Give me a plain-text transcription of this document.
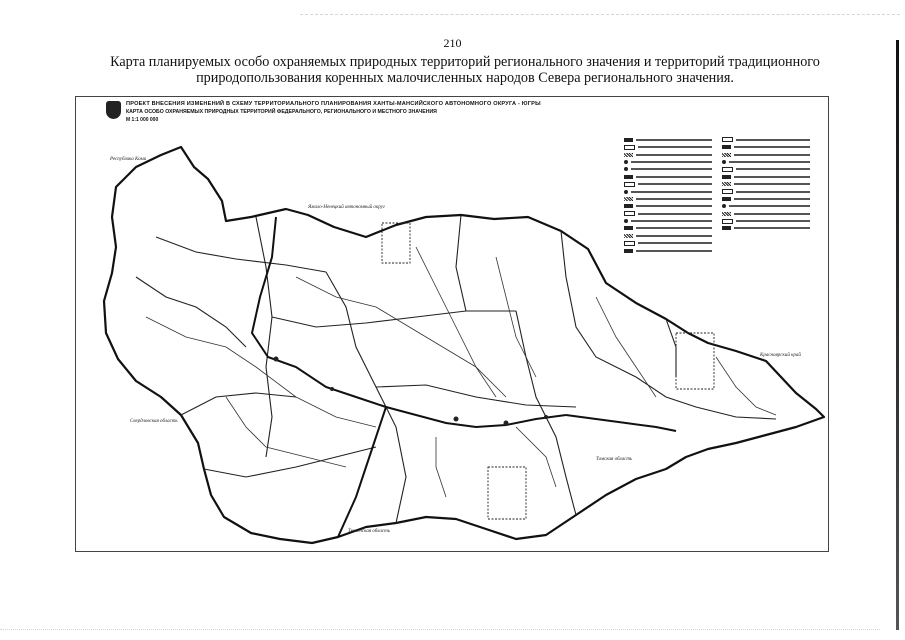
210
Карта планируемых особо охраняемых природных территорий регионального значения и территорий традиционного природопользования коренных малочисленных народов Севера регионального значения.
ПРОЕКТ ВНЕСЕНИЯ ИЗМЕНЕНИЙ В СХЕМУ ТЕРРИТОРИАЛЬНОГО ПЛАНИРОВАНИЯ ХАНТЫ-МАНСИЙСКОГО АВТОНОМНОГО ОКРУГА - ЮГРЫ
КАРТА ОСОБО ОХРАНЯЕМЫХ ПРИРОДНЫХ ТЕРРИТОРИЙ ФЕДЕРАЛЬНОГО, РЕГИОНАЛЬНОГО И МЕСТНОГО ЗНАЧЕНИЯ
М 1:1 000 000
Республика Коми
Ямало-Ненецкий автономный округ
Свердловская область
Тюменская область
Томская область
Красноярский край
